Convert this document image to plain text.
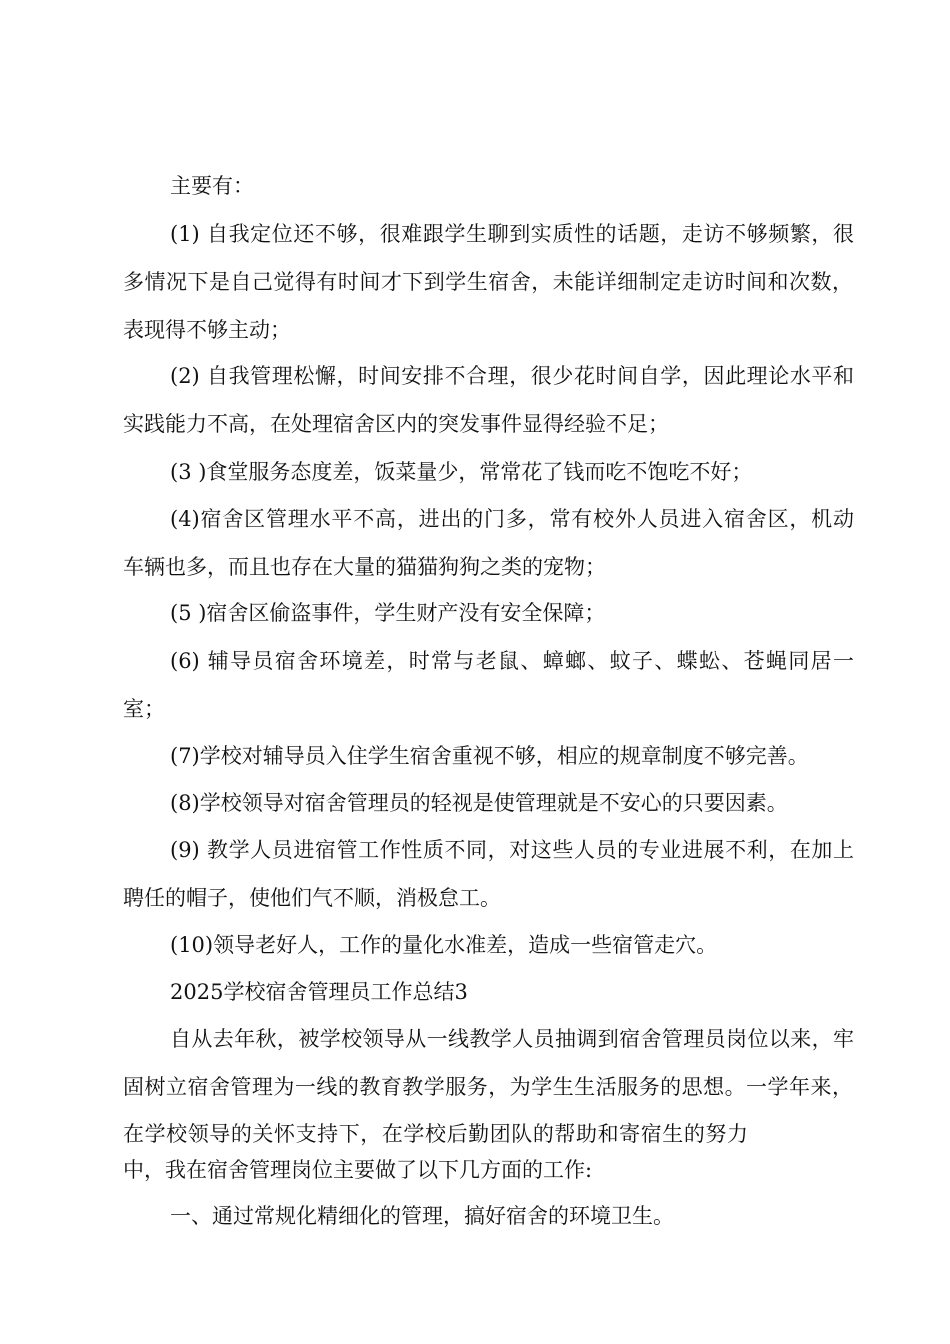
主要有：
(1) 自我定位还不够，很难跟学生聊到实质性的话题，走访不够频繁，很
多情况下是自己觉得有时间才下到学生宿舍，未能详细制定走访时间和次数，
表现得不够主动；
(2) 自我管理松懈，时间安排不合理，很少花时间自学，因此理论水平和
实践能力不高，在处理宿舍区内的突发事件显得经验不足；
(3 )食堂服务态度差，饭菜量少，常常花了钱而吃不饱吃不好；
(4)宿舍区管理水平不高，进出的门多，常有校外人员进入宿舍区，机动
车辆也多，而且也存在大量的猫猫狗狗之类的宠物；
(5 )宿舍区偷盗事件，学生财产没有安全保障；
(6) 辅导员宿舍环境差，时常与老鼠、蟑螂、蚊子、蝶蚣、苍蝇同居一
室；
(7)学校对辅导员入住学生宿舍重视不够，相应的规章制度不够完善。
(8)学校领导对宿舍管理员的轻视是使管理就是不安心的只要因素。
(9) 教学人员进宿管工作性质不同，对这些人员的专业进展不利，在加上
聘任的帽子，使他们气不顺，消极怠工。
(10)领导老好人，工作的量化水准差，造成一些宿管走穴。
2025学校宿舍管理员工作总结3
自从去年秋，被学校领导从一线教学人员抽调到宿舍管理员岗位以来，牢
固树立宿舍管理为一线的教育教学服务，为学生生活服务的思想。一学年来，
在学校领导的关怀支持下，在学校后勤团队的帮助和寄宿生的努力
中，我在宿舍管理岗位主要做了以下几方面的工作:
一、通过常规化精细化的管理，搞好宿舍的环境卫生。
